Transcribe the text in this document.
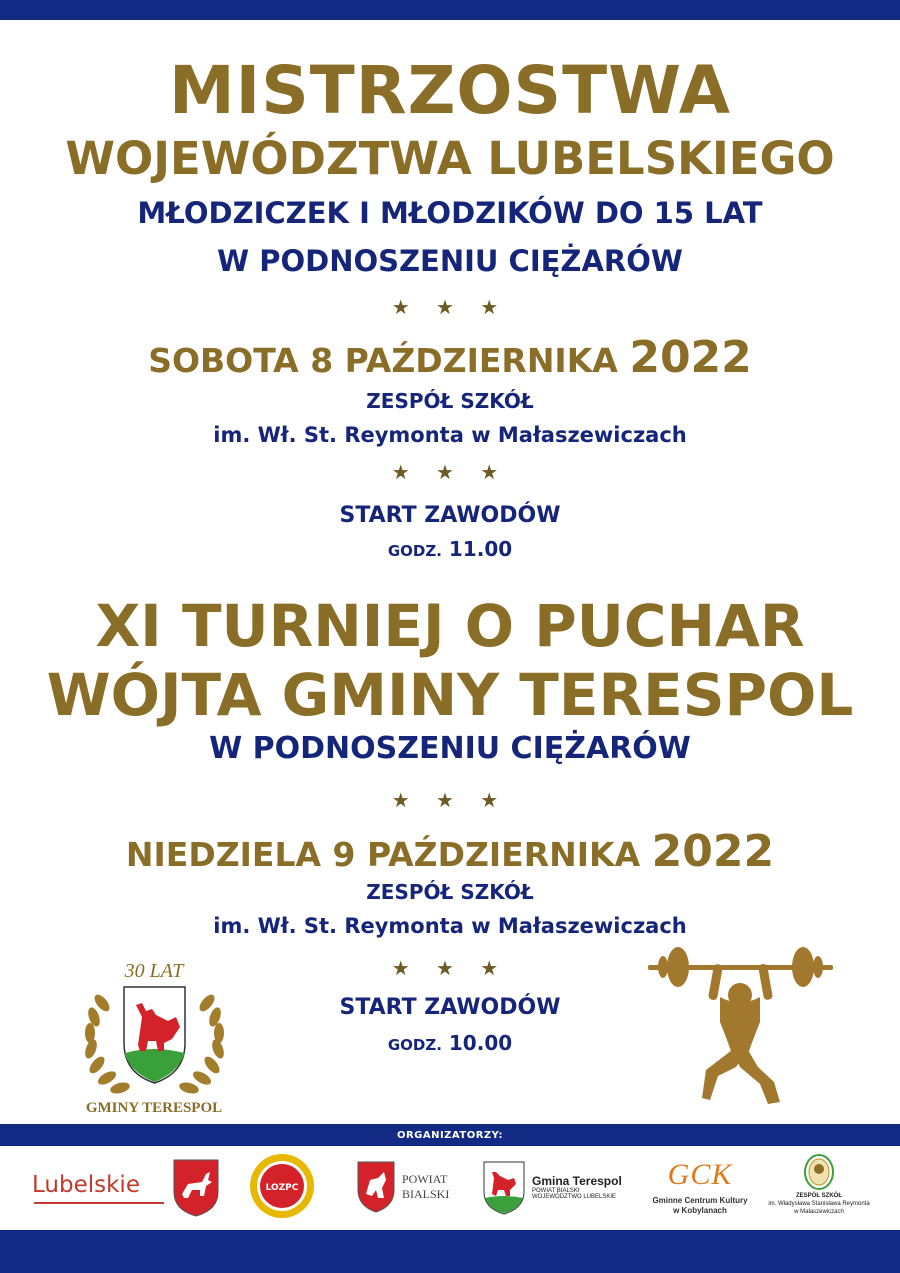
MISTRZOSTWA
WOJEWÓDZTWA LUBELSKIEGO
MŁODZICZEK I MŁODZIKÓW DO 15 LAT
W PODNOSZENIU CIĘŻARÓW
★ ★ ★
SOBOTA 8 PAŹDZIERNIKA 2022
ZESPÓŁ SZKÓŁ
im. Wł. St. Reymonta w Małaszewiczach
★ ★ ★
START ZAWODÓW
GODZ. 11.00
XI TURNIEJ O PUCHAR
WÓJTA GMINY TERESPOL
W PODNOSZENIU CIĘŻARÓW
★ ★ ★
NIEDZIELA 9 PAŹDZIERNIKA 2022
ZESPÓŁ SZKÓŁ
im. Wł. St. Reymonta w Małaszewiczach
★ ★ ★
START ZAWODÓW
GODZ. 10.00
30 LAT
GMINY TERESPOL
ORGANIZATORZY:
Lubelskie	LOZPC
POWIAT
BIALSKI
Gmina Terespol
POWIAT BIALSKI
WOJEWÓDZTWO LUBELSKIE
GCK
Gminne Centrum Kultury
w Kobylanach
ZESPÓŁ SZKÓŁ
im. Władysława Stanisława Reymonta
w Małaszewiczach
